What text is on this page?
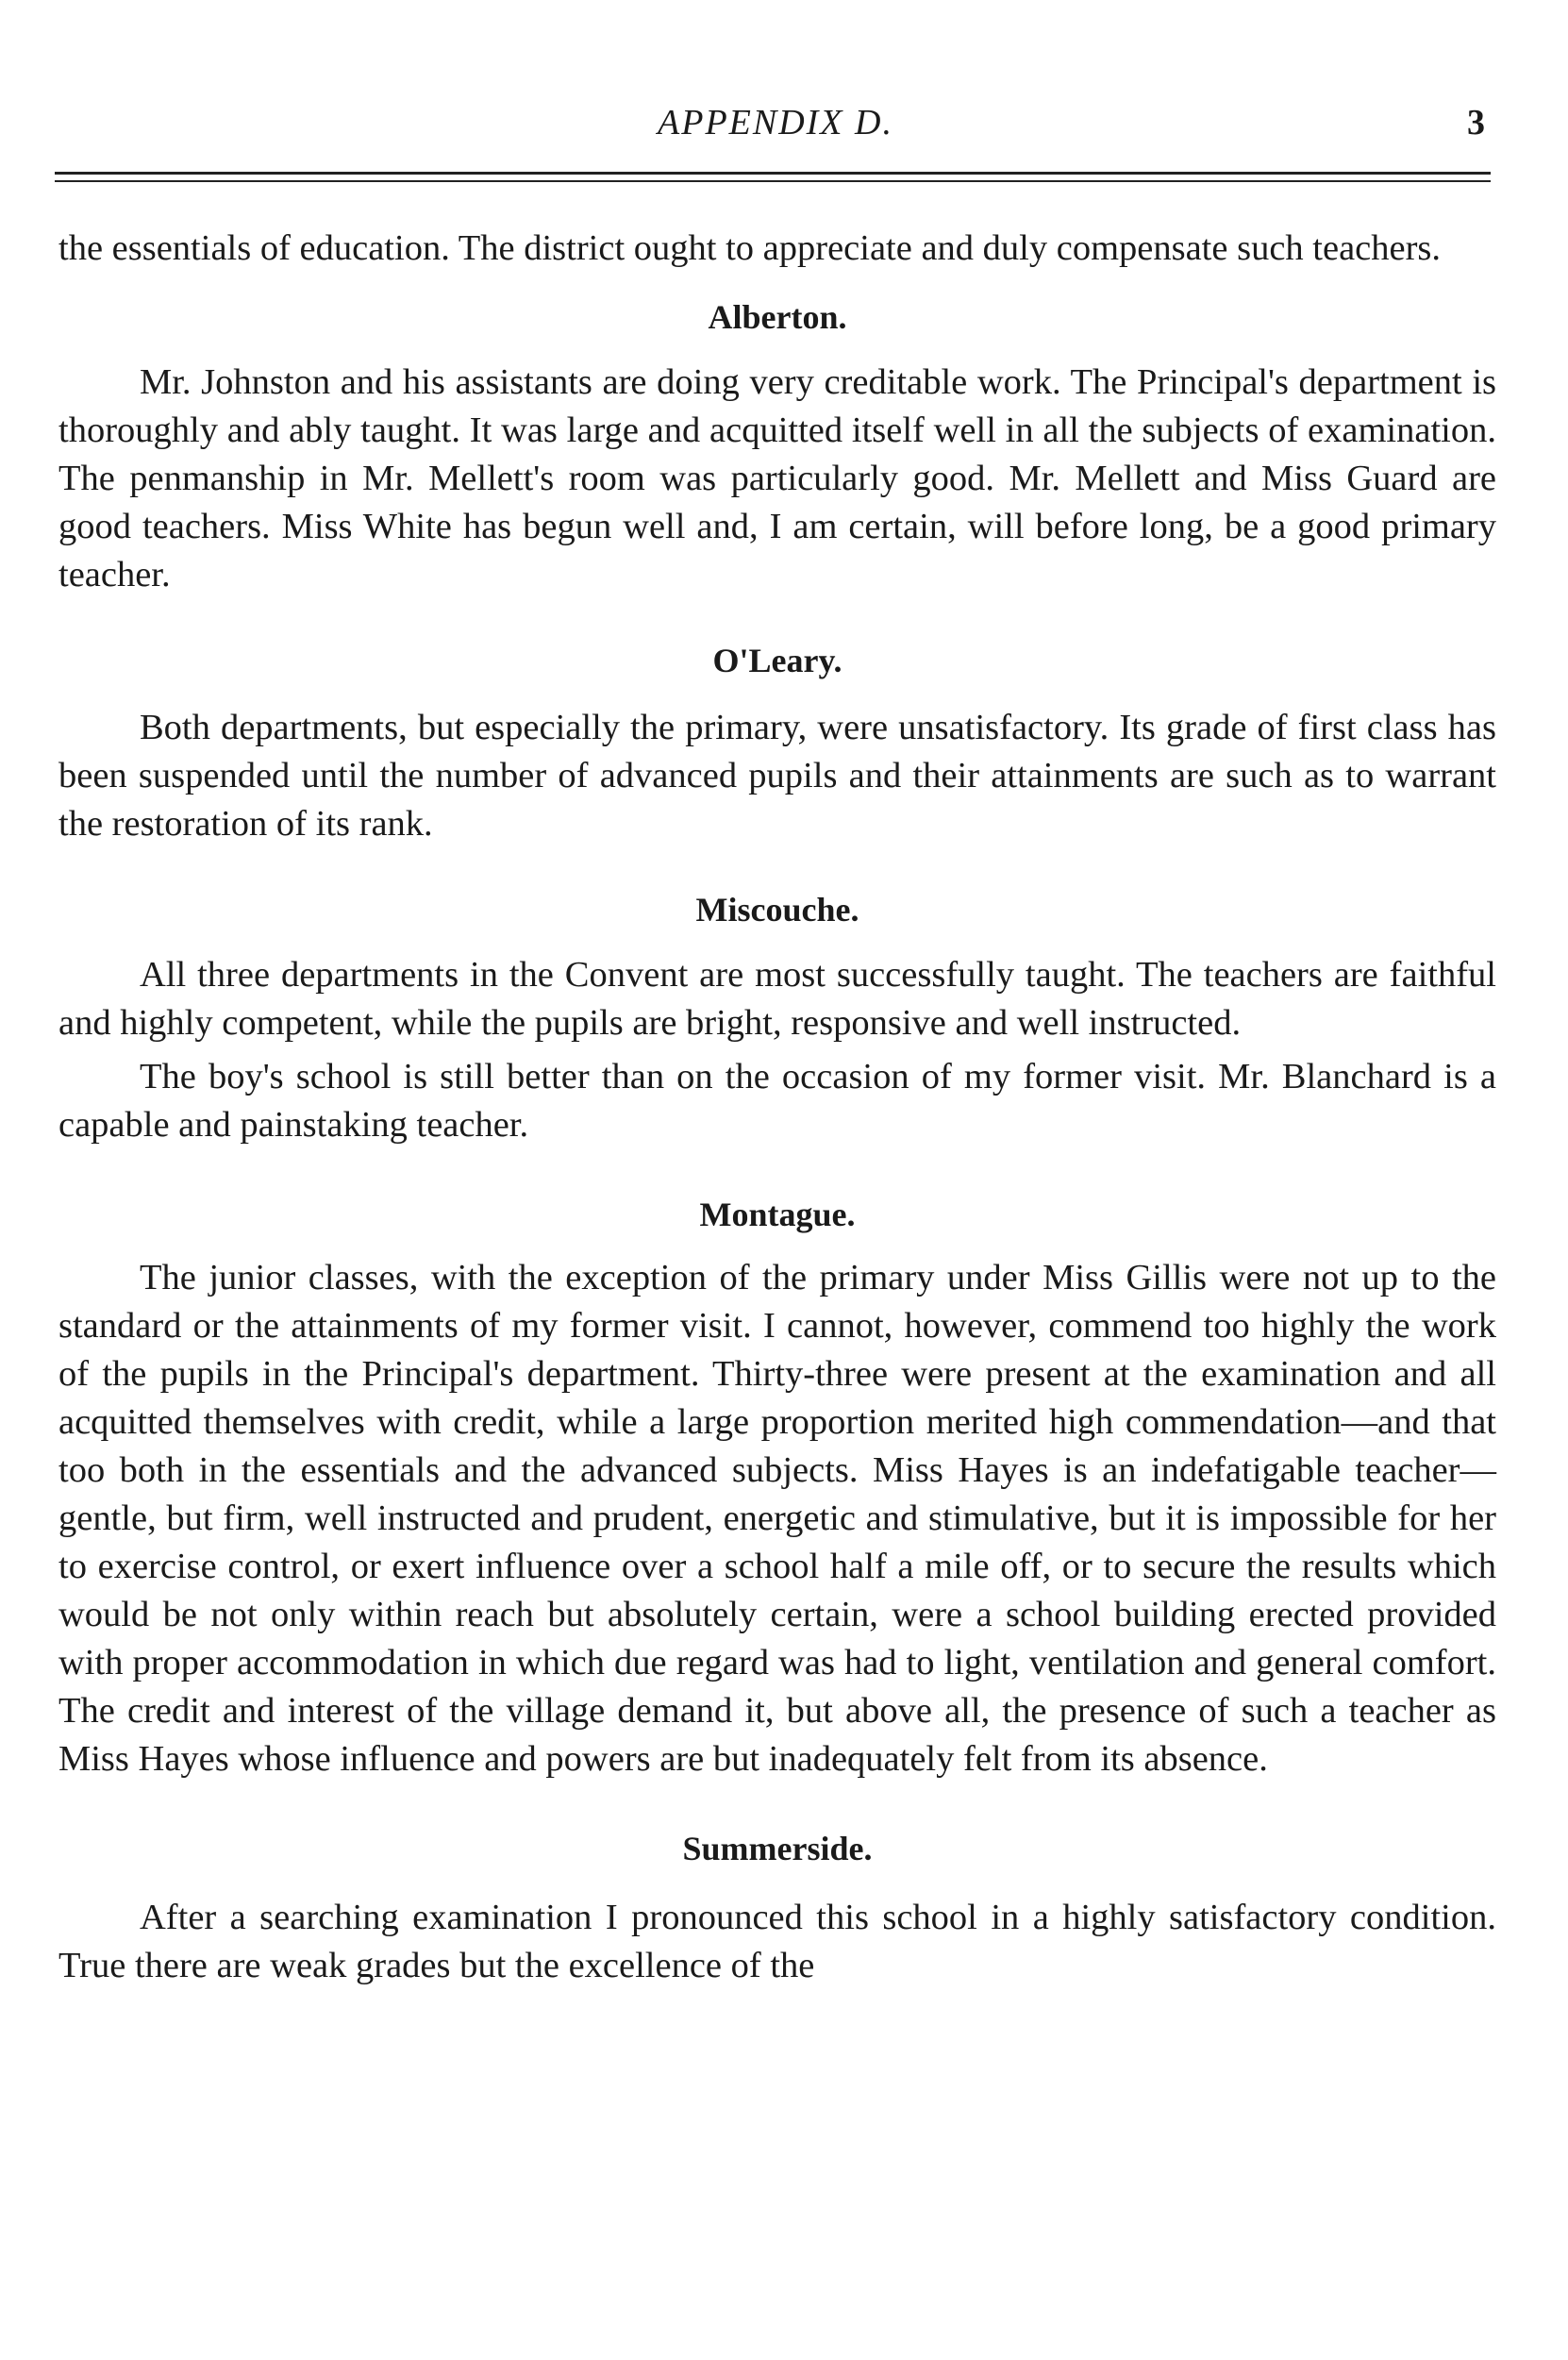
APPENDIX D.	3

the essentials of education. The district ought to appreciate and duly compensate such teachers.

Alberton.

Mr. Johnston and his assistants are doing very creditable work. The Principal's department is thoroughly and ably taught. It was large and acquitted itself well in all the subjects of examination. The penmanship in Mr. Mellett's room was particularly good. Mr. Mellett and Miss Guard are good teachers. Miss White has begun well and, I am certain, will before long, be a good primary teacher.

O'Leary.

Both departments, but especially the primary, were unsatisfactory. Its grade of first class has been suspended until the number of advanced pupils and their attainments are such as to warrant the restoration of its rank.

Miscouche.

All three departments in the Convent are most successfully taught. The teachers are faithful and highly competent, while the pupils are bright, responsive and well instructed.

The boy's school is still better than on the occasion of my former visit. Mr. Blanchard is a capable and painstaking teacher.

Montague.

The junior classes, with the exception of the primary under Miss Gillis were not up to the standard or the attainments of my former visit. I cannot, however, commend too highly the work of the pupils in the Principal's department. Thirty-three were present at the examination and all acquitted themselves with credit, while a large proportion merited high commendation—and that too both in the essentials and the advanced subjects. Miss Hayes is an indefatigable teacher—gentle, but firm, well instructed and prudent, energetic and stimulative, but it is impossible for her to exercise control, or exert influence over a school half a mile off, or to secure the results which would be not only within reach but absolutely certain, were a school building erected provided with proper accommodation in which due regard was had to light, ventilation and general comfort. The credit and interest of the village demand it, but above all, the presence of such a teacher as Miss Hayes whose influence and powers are but inadequately felt from its absence.

Summerside.

After a searching examination I pronounced this school in a highly satisfactory condition. True there are weak grades but the excellence of the
